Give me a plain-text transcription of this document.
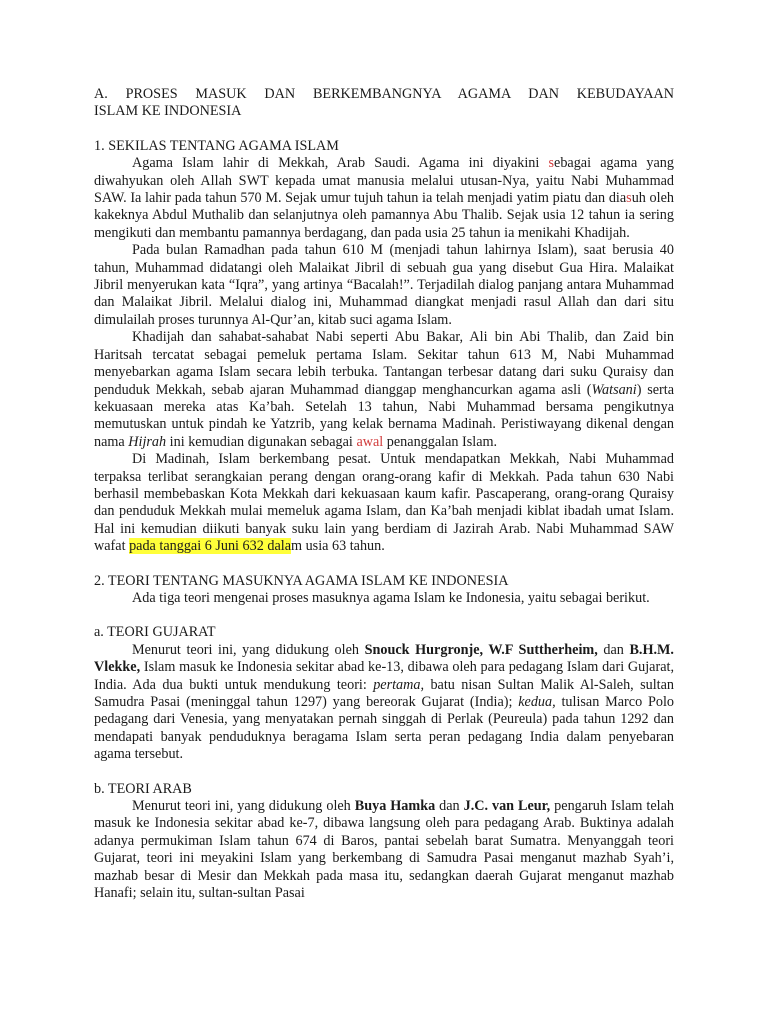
A. PROSES MASUK DAN BERKEMBANGNYA AGAMA DAN KEBUDAYAAN
ISLAM KE INDONESIA

1. SEKILAS TENTANG AGAMA ISLAM

Agama Islam lahir di Mekkah, Arab Saudi. Agama ini diyakini sebagai agama yang diwahyukan oleh Allah SWT kepada umat manusia melalui utusan-Nya, yaitu Nabi Muhammad SAW. Ia lahir pada tahun 570 M. Sejak umur tujuh tahun ia telah menjadi yatim piatu dan diasuh oleh kakeknya Abdul Muthalib dan selanjutnya oleh pamannya Abu Thalib. Sejak usia 12 tahun ia sering mengikuti dan membantu pamannya berdagang, dan pada usia 25 tahun ia menikahi Khadijah.

Pada bulan Ramadhan pada tahun 610 M (menjadi tahun lahirnya Islam), saat berusia 40 tahun, Muhammad didatangi oleh Malaikat Jibril di sebuah gua yang disebut Gua Hira. Malaikat Jibril menyerukan kata “Iqra”, yang artinya “Bacalah!”. Terjadilah dialog panjang antara Muhammad dan Malaikat Jibril. Melalui dialog ini, Muhammad diangkat menjadi rasul Allah dan dari situ dimulailah proses turunnya Al-Qur’an, kitab suci agama Islam.

Khadijah dan sahabat-sahabat Nabi seperti Abu Bakar, Ali bin Abi Thalib, dan Zaid bin Haritsah tercatat sebagai pemeluk pertama Islam. Sekitar tahun 613 M, Nabi Muhammad menyebarkan agama Islam secara lebih terbuka. Tantangan terbesar datang dari suku Quraisy dan penduduk Mekkah, sebab ajaran Muhammad dianggap menghancurkan agama asli (Watsani) serta kekuasaan mereka atas Ka’bah. Setelah 13 tahun, Nabi Muhammad bersama pengikutnya memutuskan untuk pindah ke Yatzrib, yang kelak bernama Madinah. Peristiwayang dikenal dengan nama Hijrah ini kemudian digunakan sebagai awal penanggalan Islam.

Di Madinah, Islam berkembang pesat. Untuk mendapatkan Mekkah, Nabi Muhammad terpaksa terlibat serangkaian perang dengan orang-orang kafir di Mekkah. Pada tahun 630 Nabi berhasil membebaskan Kota Mekkah dari kekuasaan kaum kafir. Pascaperang, orang-orang Quraisy dan penduduk Mekkah mulai memeluk agama Islam, dan Ka’bah menjadi kiblat ibadah umat Islam. Hal ini kemudian diikuti banyak suku lain yang berdiam di Jazirah Arab. Nabi Muhammad SAW wafat pada tanggai 6 Juni 632 dalam usia 63 tahun.

2. TEORI TENTANG MASUKNYA AGAMA ISLAM KE INDONESIA

Ada tiga teori mengenai proses masuknya agama Islam ke Indonesia, yaitu sebagai berikut.

a. TEORI GUJARAT

Menurut teori ini, yang didukung oleh Snouck Hurgronje, W.F Suttherheim, dan B.H.M. Vlekke, Islam masuk ke Indonesia sekitar abad ke-13, dibawa oleh para pedagang Islam dari Gujarat, India. Ada dua bukti untuk mendukung teori: pertama, batu nisan Sultan Malik Al-Saleh, sultan Samudra Pasai (meninggal tahun 1297) yang bereorak Gujarat (India); kedua, tulisan Marco Polo pedagang dari Venesia, yang menyatakan pernah singgah di Perlak (Peureula) pada tahun 1292 dan mendapati banyak penduduknya beragama Islam serta peran pedagang India dalam penyebaran agama tersebut.

b. TEORI ARAB

Menurut teori ini, yang didukung oleh Buya Hamka dan J.C. van Leur, pengaruh Islam telah masuk ke Indonesia sekitar abad ke-7, dibawa langsung oleh para pedagang Arab. Buktinya adalah adanya permukiman Islam tahun 674 di Baros, pantai sebelah barat Sumatra. Menyanggah teori Gujarat, teori ini meyakini Islam yang berkembang di Samudra Pasai menganut mazhab Syah’i, mazhab besar di Mesir dan Mekkah pada masa itu, sedangkan daerah Gujarat menganut mazhab Hanafi; selain itu, sultan-sultan Pasai
